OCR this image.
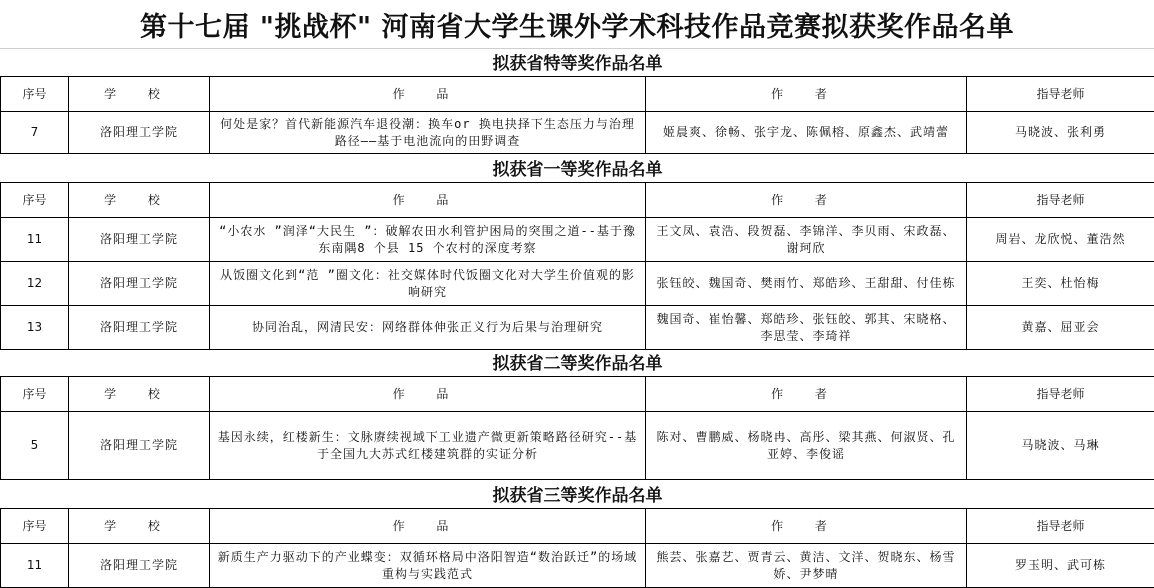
第十七届 "挑战杯" 河南省大学生课外学术科技作品竞赛拟获奖作品名单
拟获省特等奖作品名单				
序号	学 校	作 品	作 者	指导老师
7	洛阳理工学院	何处是家？首代新能源汽车退役潮：换车or 换电抉择下生态压力与治理路径——基于电池流向的田野调查	姬晨爽、徐畅、张宇龙、陈佩榕、原鑫杰、武靖蕾	马晓波、张利勇
拟获省一等奖作品名单				
序号	学 校	作 品	作 者	指导老师
11	洛阳理工学院	“小农水 ”润泽“大民生 ”：破解农田水利管护困局的突围之道--基于豫东南隅8 个县 15 个农村的深度考察	王文凤、袁浩、段贺磊、李锦洋、李贝雨、宋政磊、谢珂欣	周岩、龙欣悦、董浩然
12	洛阳理工学院	从饭圈文化到“范 ”圈文化：社交媒体时代饭圈文化对大学生价值观的影响研究	张钰皎、魏国奇、樊雨竹、郑皓珍、王甜甜、付佳栋	王奕、杜怡梅
13	洛阳理工学院	协同治乱，网清民安：网络群体伸张正义行为后果与治理研究	魏国奇、崔怡馨、郑皓珍、张钰皎、郭其、宋晓格、李思莹、李琦祥	黄嘉、屈亚会
拟获省二等奖作品名单				
序号	学 校	作 品	作 者	指导老师
5	洛阳理工学院	基因永续，红楼新生：文脉赓续视域下工业遗产微更新策略路径研究--基于全国九大苏式红楼建筑群的实证分析	陈对、曹鹏威、杨晓冉、高彤、梁其燕、何淑贤、孔亚婷、李俊谣	马晓波、马琳
拟获省三等奖作品名单				
序号	学 校	作 品	作 者	指导老师
11	洛阳理工学院	新质生产力驱动下的产业蝶变：双循环格局中洛阳智造“数治跃迁”的场域重构与实践范式	熊芸、张嘉艺、贾青云、黄洁、文洋、贺晓东、杨雪娇、尹梦晴	罗玉明、武可栋
